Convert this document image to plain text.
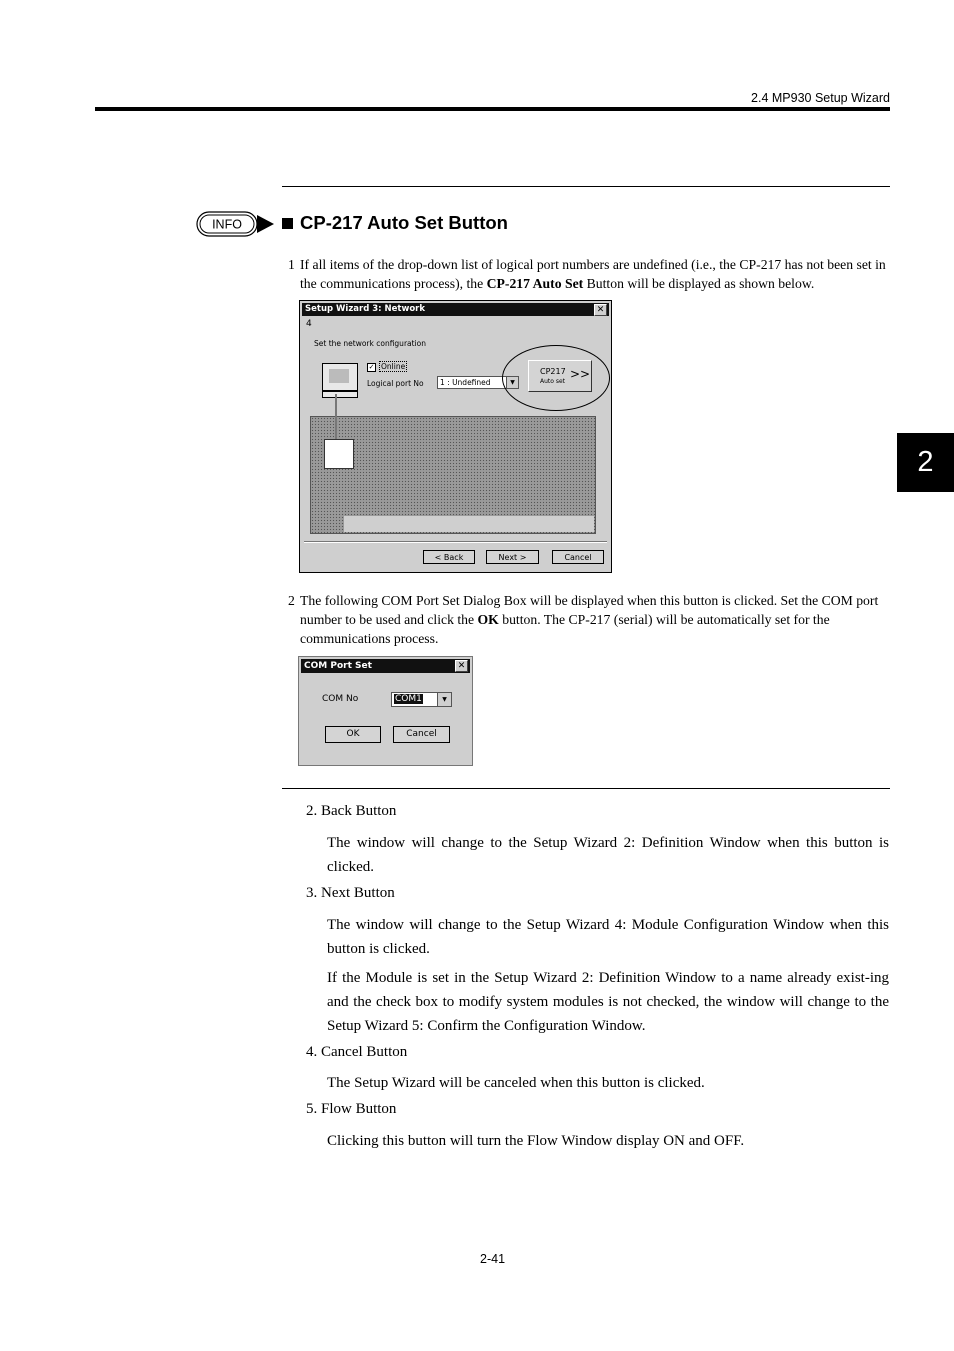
2.4 MP930 Setup Wizard
INFO	CP-217 Auto Set Button
1 If all items of the drop-down list of logical port numbers are undefined (i.e., the CP-217 has not been set in the communications process), the CP-217 Auto Set Button will be displayed as shown below.
2
Setup Wizard 3: Network	✕
4
Set the network configuration
✓ Online
Logical port No	1 : Undefined	▼
CP217
Auto set
>>
< Back	Next >	Cancel
2 The following COM Port Set Dialog Box will be displayed when this button is clicked. Set the COM port number to be used and click the OK button. The CP-217 (serial) will be automatically set for the communications process.
COM Port Set	✕
COM No	COM1	▼
OK	Cancel
2. Back Button
The window will change to the Setup Wizard 2: Definition Window when this button is clicked.
3. Next Button
The window will change to the Setup Wizard 4: Module Configuration Window when this button is clicked.
If the Module is set in the Setup Wizard 2: Definition Window to a name already exist-ing and the check box to modify system modules is not checked, the window will change to the Setup Wizard 5: Confirm the Configuration Window.
4. Cancel Button
The Setup Wizard will be canceled when this button is clicked.
5. Flow Button
Clicking this button will turn the Flow Window display ON and OFF.
2-41
